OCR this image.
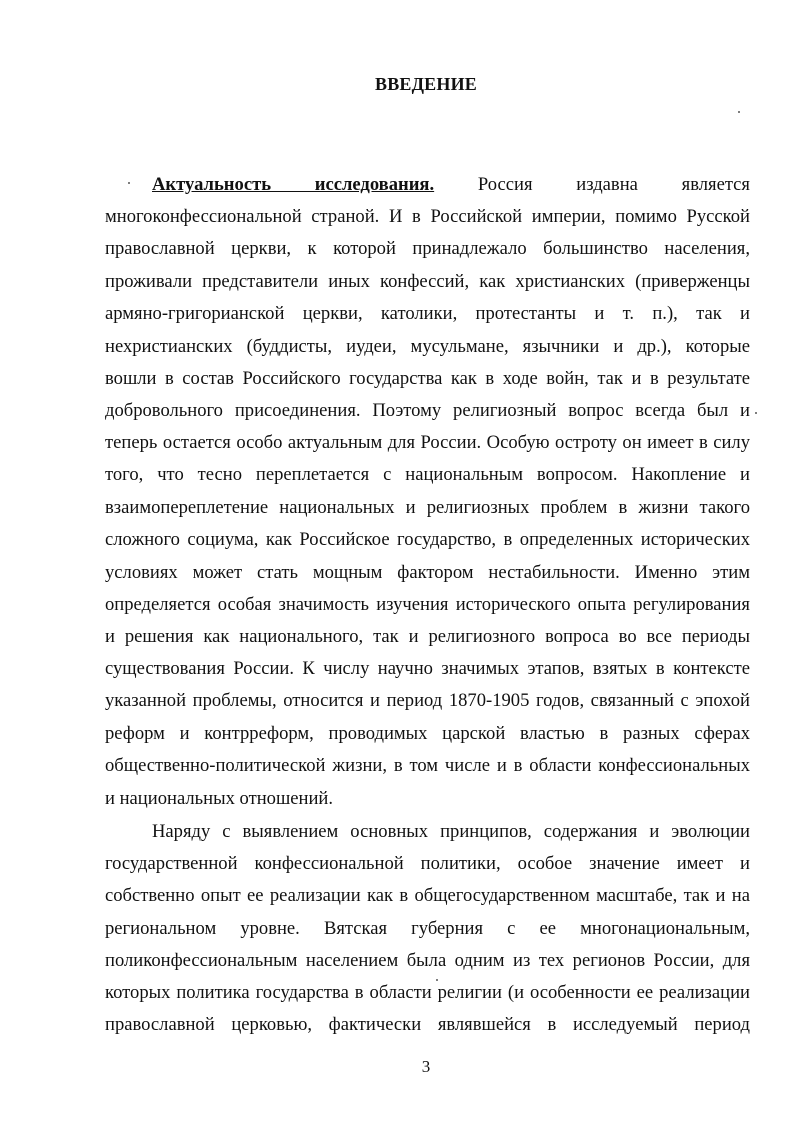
ВВЕДЕНИЕ
Актуальность исследования. Россия издавна является
многоконфессиональной страной. И в Российской империи, помимо Русской
православной церкви, к которой принадлежало большинство населения,
проживали представители иных конфессий, как христианских (приверженцы
армяно-григорианской церкви, католики, протестанты и т. п.), так и
нехристианских (буддисты, иудеи, мусульмане, язычники и др.), которые
вошли в состав Российского государства как в ходе войн, так и в результате
добровольного присоединения. Поэтому религиозный вопрос всегда был и
теперь остается особо актуальным для России. Особую остроту он имеет в силу
того, что тесно переплетается с национальным вопросом. Накопление и
взаимопереплетение национальных и религиозных проблем в жизни такого
сложного социума, как Российское государство, в определенных исторических
условиях может стать мощным фактором нестабильности. Именно этим
определяется особая значимость изучения исторического опыта регулирования
и решения как национального, так и религиозного вопроса во все периоды
существования России. К числу научно значимых этапов, взятых в контексте
указанной проблемы, относится и период 1870-1905 годов, связанный с эпохой
реформ и контрреформ, проводимых царской властью в разных сферах
общественно-политической жизни, в том числе и в области конфессиональных
и национальных отношений.
Наряду с выявлением основных принципов, содержания и эволюции
государственной конфессиональной политики, особое значение имеет и
собственно опыт ее реализации как в общегосударственном масштабе, так и на
региональном уровне. Вятская губерния с ее многонациональным,
поликонфессиональным населением была одним из тех регионов России, для
которых политика государства в области религии (и особенности ее реализации
православной церковью, фактически являвшейся в исследуемый период
3
